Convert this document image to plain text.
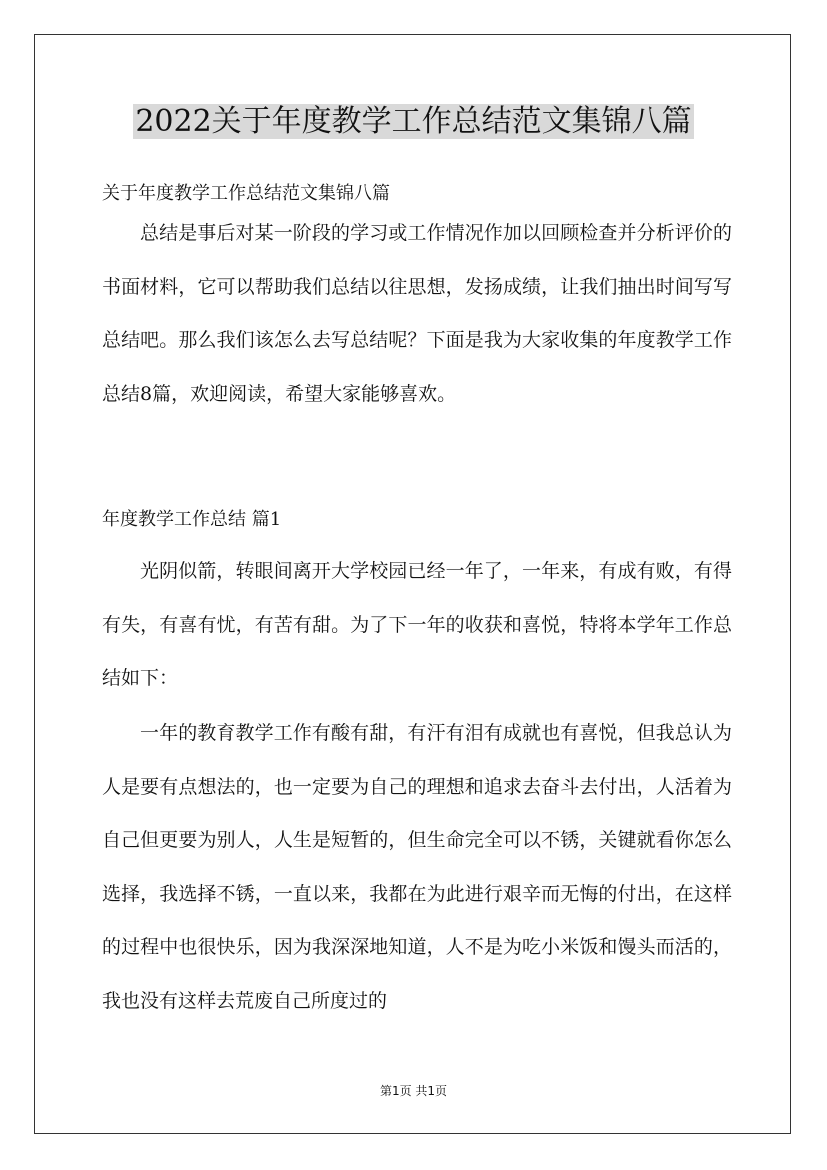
2022关于年度教学工作总结范文集锦八篇

关于年度教学工作总结范文集锦八篇

总结是事后对某一阶段的学习或工作情况作加以回顾检查并分析评价的书面材料，它可以帮助我们总结以往思想，发扬成绩，让我们抽出时间写写总结吧。那么我们该怎么去写总结呢？下面是我为大家收集的年度教学工作总结8篇，欢迎阅读，希望大家能够喜欢。

年度教学工作总结 篇1

光阴似箭，转眼间离开大学校园已经一年了，一年来，有成有败，有得有失，有喜有忧，有苦有甜。为了下一年的收获和喜悦，特将本学年工作总结如下：

一年的教育教学工作有酸有甜，有汗有泪有成就也有喜悦，但我总认为人是要有点想法的，也一定要为自己的理想和追求去奋斗去付出，人活着为自己但更要为别人，人生是短暂的，但生命完全可以不锈，关键就看你怎么选择，我选择不锈，一直以来，我都在为此进行艰辛而无悔的付出，在这样的过程中也很快乐，因为我深深地知道，人不是为吃小米饭和馒头而活的，我也没有这样去荒废自己所度过的

第1页 共1页
